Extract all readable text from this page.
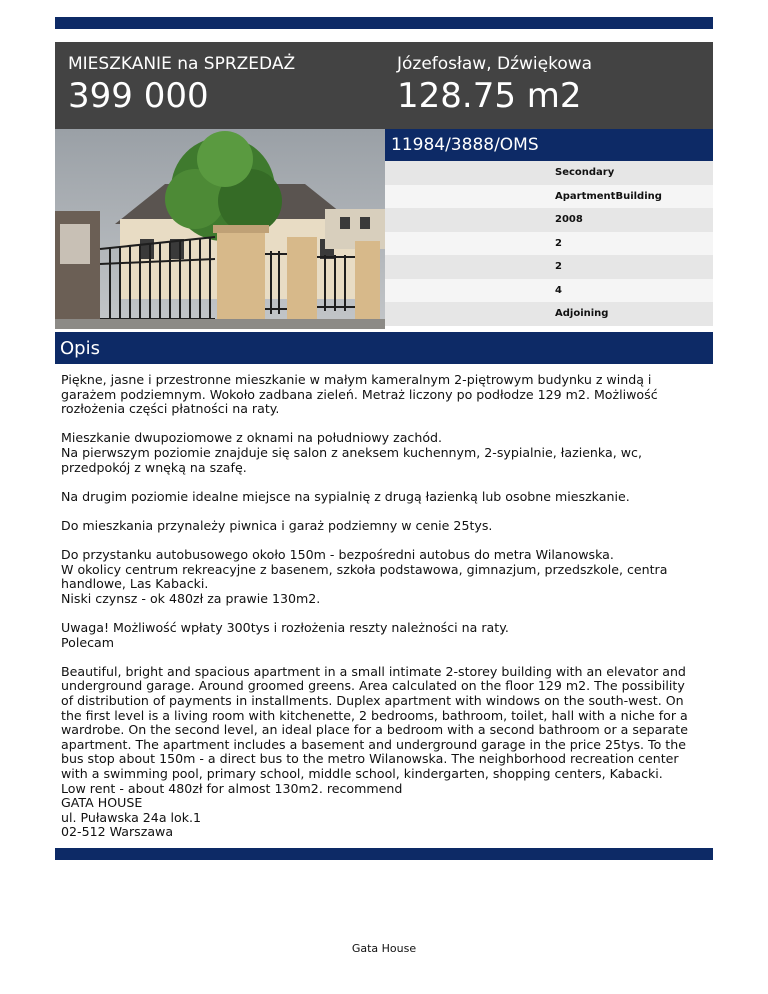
MIESZKANIE na SPRZEDAŻ
399 000
Józefosław, Dźwiękowa
128.75 m2
11984/3888/OMS
Secondary
ApartmentBuilding
2008
2
2
4
Adjoining
Opis

Piękne, jasne i przestronne mieszkanie w małym kameralnym 2-piętrowym budynku z windą i
garażem podziemnym. Wokoło zadbana zieleń. Metraż liczony po podłodze 129 m2. Możliwość
rozłożenia części płatności na raty.

Mieszkanie dwupoziomowe z oknami na południowy zachód.
Na pierwszym poziomie znajduje się salon z aneksem kuchennym, 2-sypialnie, łazienka, wc,
przedpokój z wnęką na szafę.

Na drugim poziomie idealne miejsce na sypialnię z drugą łazienką lub osobne mieszkanie.

Do mieszkania przynależy piwnica i garaż podziemny w cenie 25tys.

Do przystanku autobusowego około 150m - bezpośredni autobus do metra Wilanowska.
W okolicy centrum rekreacyjne z basenem, szkoła podstawowa, gimnazjum, przedszkole, centra
handlowe, Las Kabacki.
Niski czynsz - ok 480zł za prawie 130m2.

Uwaga! Możliwość wpłaty 300tys i rozłożenia reszty należności na raty.
Polecam

Beautiful, bright and spacious apartment in a small intimate 2-storey building with an elevator and
underground garage. Around groomed greens. Area calculated on the floor 129 m2. The possibility
of distribution of payments in installments. Duplex apartment with windows on the south-west. On
the first level is a living room with kitchenette, 2 bedrooms, bathroom, toilet, hall with a niche for a
wardrobe. On the second level, an ideal place for a bedroom with a second bathroom or a separate
apartment. The apartment includes a basement and underground garage in the price 25tys. To the
bus stop about 150m - a direct bus to the metro Wilanowska. The neighborhood recreation center
with a swimming pool, primary school, middle school, kindergarten, shopping centers, Kabacki.
Low rent - about 480zł for almost 130m2. recommend
GATA HOUSE
ul. Puławska 24a lok.1
02-512 Warszawa

Gata House
